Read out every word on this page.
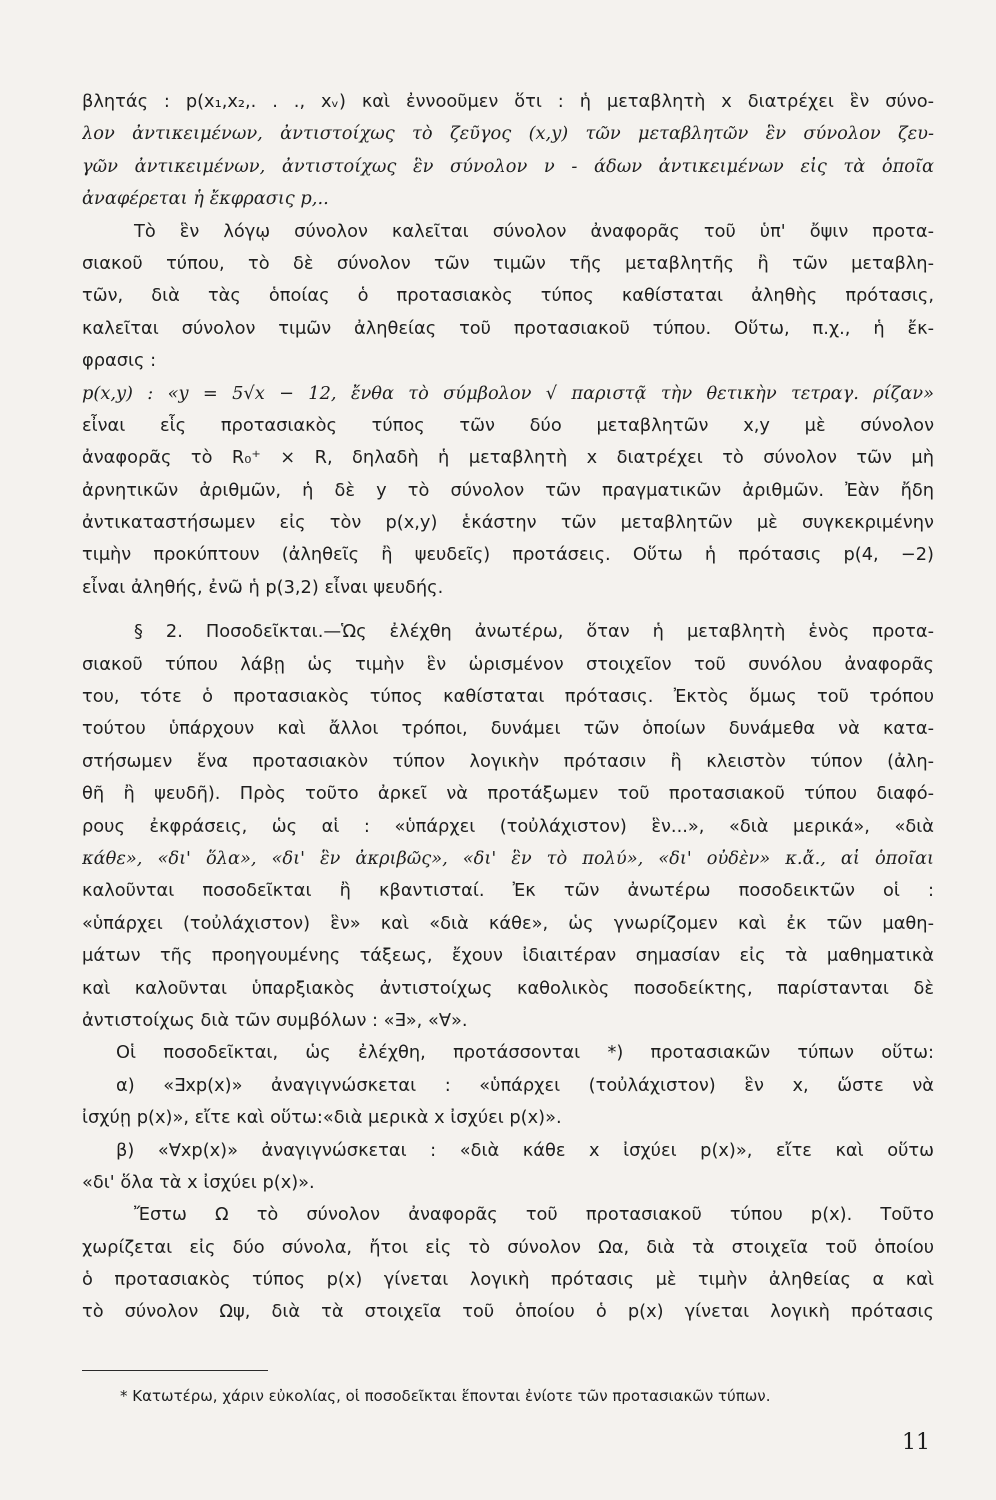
βλητάς : p(x₁,x₂,. . ., xᵥ) καὶ ἐννοοῦμεν ὅτι : ἡ μεταβλητὴ x διατρέχει ἓν σύνο-
λον ἀντικειμένων, ἀντιστοίχως τὸ ζεῦγος (x,y) τῶν μεταβλητῶν ἓν σύνολον ζευ-
γῶν ἀντικειμένων, ἀντιστοίχως ἓν σύνολον ν - άδων ἀντικειμένων εἰς τὰ ὁποῖα
ἀναφέρεται ἡ ἔκφρασις p,..
Τὸ ἓν λόγῳ σύνολον καλεῖται σύνολον ἀναφορᾶς τοῦ ὑπ' ὄψιν προτα-
σιακοῦ τύπου, τὸ δὲ σύνολον τῶν τιμῶν τῆς μεταβλητῆς ἢ τῶν μεταβλη-
τῶν, διὰ τὰς ὁποίας ὁ προτασιακὸς τύπος καθίσταται ἀληθὴς πρότασις,
καλεῖται σύνολον τιμῶν ἀληθείας τοῦ προτασιακοῦ τύπου. Οὕτω, π.χ., ἡ ἔκ-
φρασις :
p(x,y) : «y = 5√x − 12, ἔνθα τὸ σύμβολον √ παριστᾷ τὴν θετικὴν τετραγ. ρίζαν»
εἶναι εἷς προτασιακὸς τύπος τῶν δύο μεταβλητῶν x,y μὲ σύνολον
ἀναφορᾶς τὸ R₀⁺ × R, δηλαδὴ ἡ μεταβλητὴ x διατρέχει τὸ σύνολον τῶν μὴ
ἀρνητικῶν ἀριθμῶν, ἡ δὲ y τὸ σύνολον τῶν πραγματικῶν ἀριθμῶν. Ἐὰν ἤδη
ἀντικαταστήσωμεν εἰς τὸν p(x,y) ἑκάστην τῶν μεταβλητῶν μὲ συγκεκριμένην
τιμὴν προκύπτουν (ἀληθεῖς ἢ ψευδεῖς) προτάσεις. Οὕτω ἡ πρότασις p(4, −2)
εἶναι ἀληθής, ἐνῶ ἡ p(3,2) εἶναι ψευδής.
§ 2. Ποσοδεῖκται.—Ὡς ἐλέχθη ἀνωτέρω, ὅταν ἡ μεταβλητὴ ἑνὸς προτα-
σιακοῦ τύπου λάβῃ ὡς τιμὴν ἓν ὡρισμένον στοιχεῖον τοῦ συνόλου ἀναφορᾶς
του, τότε ὁ προτασιακὸς τύπος καθίσταται πρότασις. Ἐκτὸς ὅμως τοῦ τρόπου
τούτου ὑπάρχουν καὶ ἄλλοι τρόποι, δυνάμει τῶν ὁποίων δυνάμεθα νὰ κατα-
στήσωμεν ἕνα προτασιακὸν τύπον λογικὴν πρότασιν ἢ κλειστὸν τύπον (ἀλη-
θῆ ἢ ψευδῆ). Πρὸς τοῦτο ἀρκεῖ νὰ προτάξωμεν τοῦ προτασιακοῦ τύπου διαφό-
ρους ἐκφράσεις, ὡς αἱ : «ὑπάρχει (τοὐλάχιστον) ἓν...», «διὰ μερικά», «διὰ
κάθε», «δι' ὅλα», «δι' ἓν ἀκριβῶς», «δι' ἓν τὸ πολύ», «δι' οὐδὲν» κ.ἄ., αἱ ὁποῖαι
καλοῦνται ποσοδεῖκται ἢ κβαντισταί. Ἐκ τῶν ἀνωτέρω ποσοδεικτῶν οἱ :
«ὑπάρχει (τοὐλάχιστον) ἓν» καὶ «διὰ κάθε», ὡς γνωρίζομεν καὶ ἐκ τῶν μαθη-
μάτων τῆς προηγουμένης τάξεως, ἔχουν ἰδιαιτέραν σημασίαν εἰς τὰ μαθηματικὰ
καὶ καλοῦνται ὑπαρξιακὸς ἀντιστοίχως καθολικὸς ποσοδείκτης, παρίστανται δὲ
ἀντιστοίχως διὰ τῶν συμβόλων : «∃», «∀».
Οἱ ποσοδεῖκται, ὡς ἐλέχθη, προτάσσονται *) προτασιακῶν τύπων οὕτω:
α) «∃xp(x)» ἀναγιγνώσκεται : «ὑπάρχει (τοὐλάχιστον) ἓν x, ὥστε νὰ
ἰσχύῃ p(x)», εἴτε καὶ οὕτω:«διὰ μερικὰ x ἰσχύει p(x)».
β) «∀xp(x)» ἀναγιγνώσκεται : «διὰ κάθε x ἰσχύει p(x)», εἴτε καὶ οὕτω
«δι' ὅλα τὰ x ἰσχύει p(x)».
Ἔστω Ω τὸ σύνολον ἀναφορᾶς τοῦ προτασιακοῦ τύπου p(x). Τοῦτο
χωρίζεται εἰς δύο σύνολα, ἤτοι εἰς τὸ σύνολον Ωα, διὰ τὰ στοιχεῖα τοῦ ὁποίου
ὁ προτασιακὸς τύπος p(x) γίνεται λογικὴ πρότασις μὲ τιμὴν ἀληθείας α καὶ
τὸ σύνολον Ωψ, διὰ τὰ στοιχεῖα τοῦ ὁποίου ὁ p(x) γίνεται λογικὴ πρότασις
* Κατωτέρω, χάριν εὐκολίας, οἱ ποσοδεῖκται ἕπονται ἐνίοτε τῶν προτασιακῶν τύπων.
11
